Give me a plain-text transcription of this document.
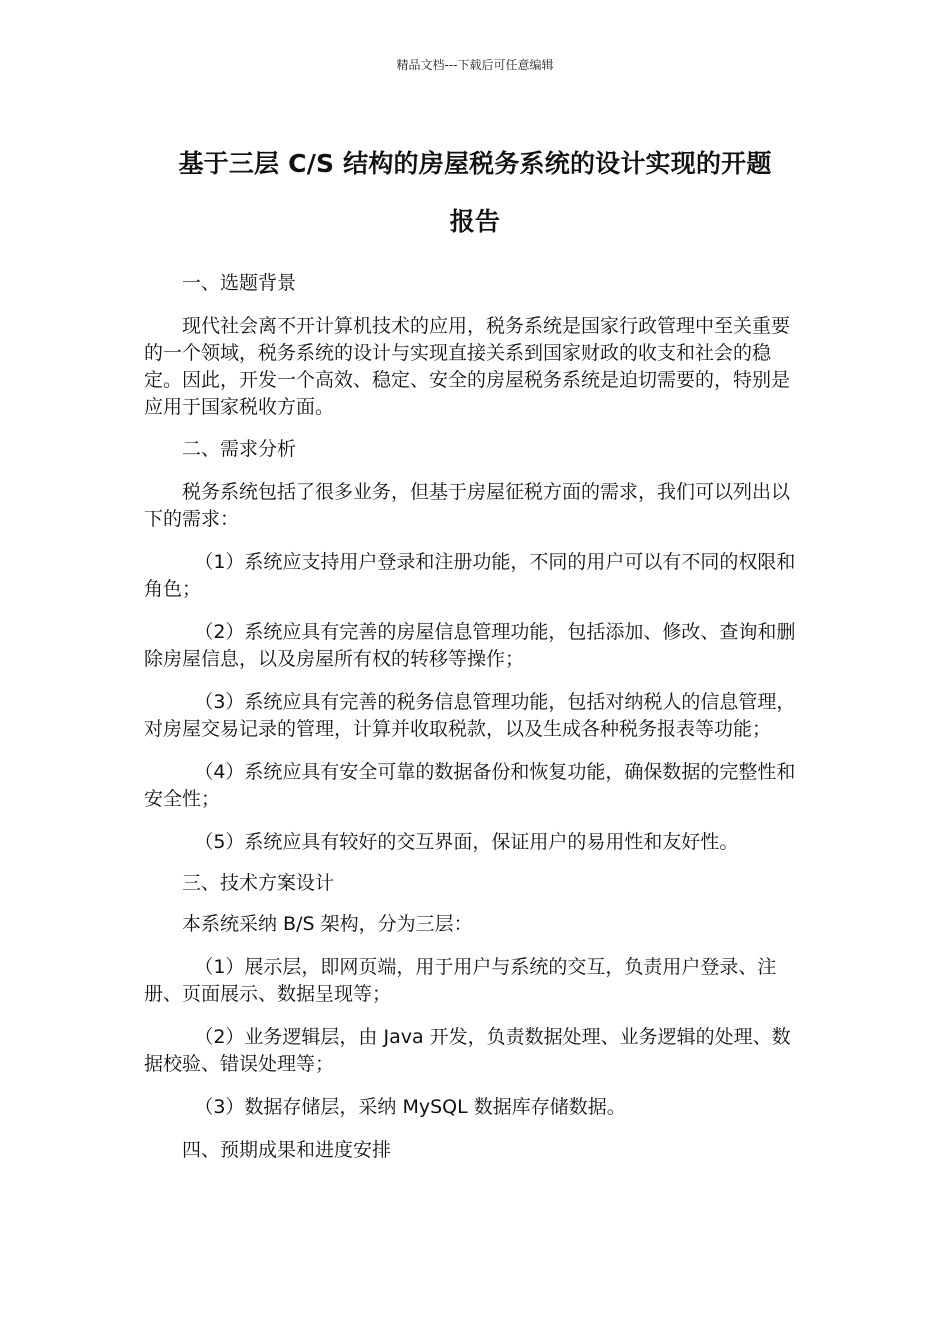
精品文档---下载后可任意编辑
基于三层 C/S 结构的房屋税务系统的设计实现的开题
报告

一、选题背景

现代社会离不开计算机技术的应用，税务系统是国家行政管理中至关重要的一个领域，税务系统的设计与实现直接关系到国家财政的收支和社会的稳定。因此，开发一个高效、稳定、安全的房屋税务系统是迫切需要的，特别是应用于国家税收方面。

二、需求分析

税务系统包括了很多业务，但基于房屋征税方面的需求，我们可以列出以下的需求：

（1）系统应支持用户登录和注册功能，不同的用户可以有不同的权限和角色；

（2）系统应具有完善的房屋信息管理功能，包括添加、修改、查询和删除房屋信息，以及房屋所有权的转移等操作；

（3）系统应具有完善的税务信息管理功能，包括对纳税人的信息管理，对房屋交易记录的管理，计算并收取税款，以及生成各种税务报表等功能；

（4）系统应具有安全可靠的数据备份和恢复功能，确保数据的完整性和安全性；

（5）系统应具有较好的交互界面，保证用户的易用性和友好性。

三、技术方案设计

本系统采纳 B/S 架构，分为三层：

（1）展示层，即网页端，用于用户与系统的交互，负责用户登录、注册、页面展示、数据呈现等；

（2）业务逻辑层，由 Java 开发，负责数据处理、业务逻辑的处理、数据校验、错误处理等；

（3）数据存储层，采纳 MySQL 数据库存储数据。

四、预期成果和进度安排
